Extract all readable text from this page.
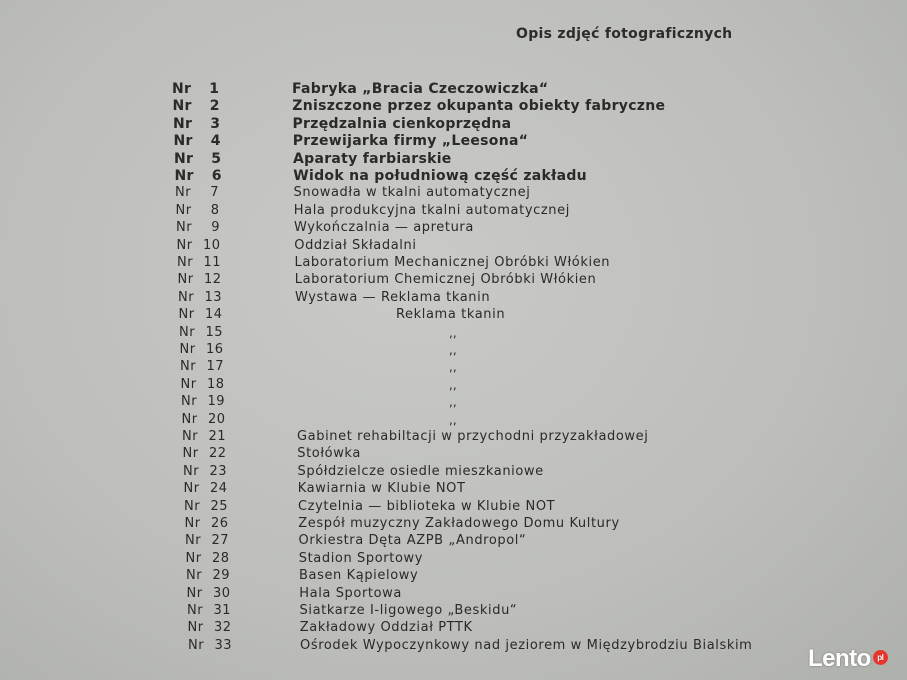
Opis zdjęć fotograficznych
Nr 1	Fabryka „Bracia Czeczowiczka“
Nr 2	Zniszczone przez okupanta obiekty fabryczne
Nr 3	Przędzalnia cienkoprzędna
Nr 4	Przewijarka firmy „Leesona“
Nr 5	Aparaty farbiarskie
Nr 6	Widok na południową część zakładu
Nr 7	Snowadła w tkalni automatycznej
Nr 8	Hala produkcyjna tkalni automatycznej
Nr 9	Wykończalnia — apretura
Nr 10	Oddział Składalni
Nr 11	Laboratorium Mechanicznej Obróbki Włókien
Nr 12	Laboratorium Chemicznej Obróbki Włókien
Nr 13	Wystawa — Reklama tkanin
Nr 14	Reklama tkanin
Nr 15	,,
Nr 16	,,
Nr 17	,,
Nr 18	,,
Nr 19	,,
Nr 20	,,
Nr 21	Gabinet rehabiltacji w przychodni przyzakładowej
Nr 22	Stołówka
Nr 23	Spółdzielcze osiedle mieszkaniowe
Nr 24	Kawiarnia w Klubie NOT
Nr 25	Czytelnia — biblioteka w Klubie NOT
Nr 26	Zespół muzyczny Zakładowego Domu Kultury
Nr 27	Orkiestra Dęta AZPB „Andropol“
Nr 28	Stadion Sportowy
Nr 29	Basen Kąpielowy
Nr 30	Hala Sportowa
Nr 31	Siatkarze I-ligowego „Beskidu“
Nr 32	Zakładowy Oddział PTTK
Nr 33	Ośrodek Wypoczynkowy nad jeziorem w Międzybrodziu Bialskim Lento pl
